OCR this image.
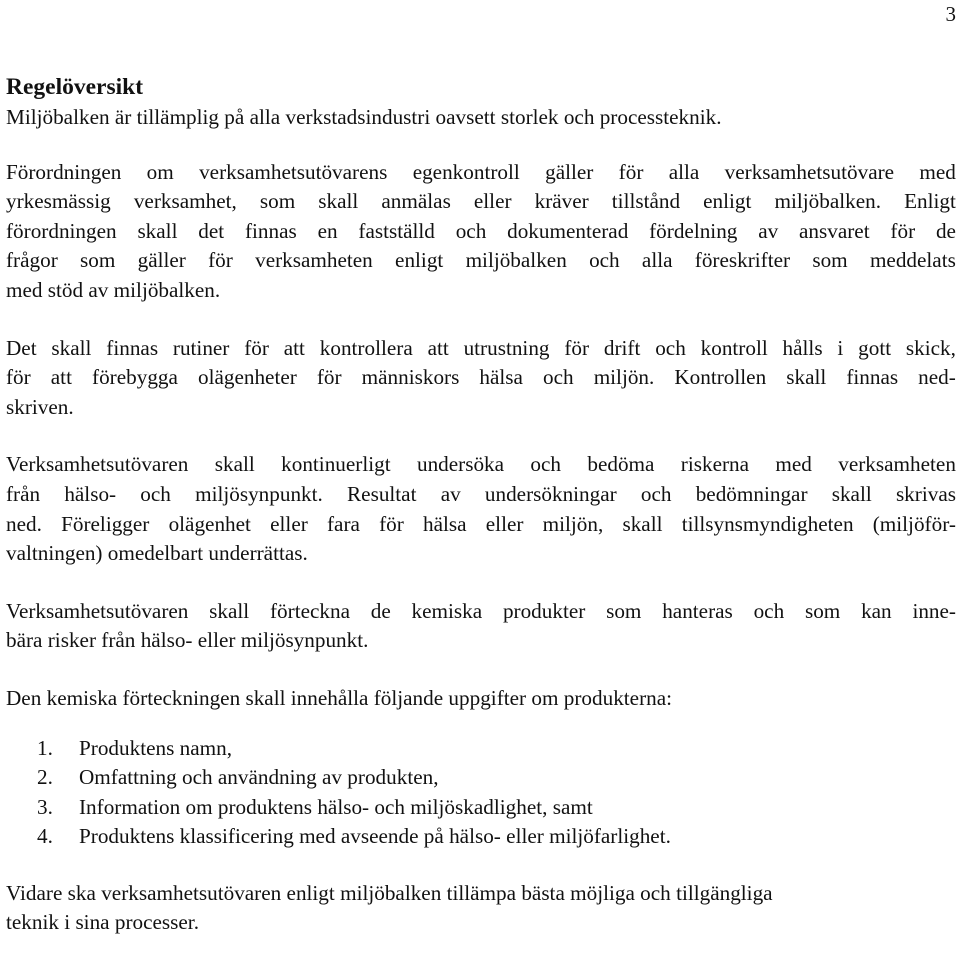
3
Regelöversikt
Miljöbalken är tillämplig på alla verkstadsindustri oavsett storlek och processteknik.
Förordningen om verksamhetsutövarens egenkontroll gäller för alla verksamhetsutövare med
yrkesmässig verksamhet, som skall anmälas eller kräver tillstånd enligt miljöbalken. Enligt
förordningen skall det finnas en fastställd och dokumenterad fördelning av ansvaret för de
frågor som gäller för verksamheten enligt miljöbalken och alla föreskrifter som meddelats
med stöd av miljöbalken.
Det skall finnas rutiner för att kontrollera att utrustning för drift och kontroll hålls i gott skick,
för att förebygga olägenheter för människors hälsa och miljön. Kontrollen skall finnas ned-
skriven.
Verksamhetsutövaren skall kontinuerligt undersöka och bedöma riskerna med verksamheten
från hälso- och miljösynpunkt. Resultat av undersökningar och bedömningar skall skrivas
ned. Föreligger olägenhet eller fara för hälsa eller miljön, skall tillsynsmyndigheten (miljöför-
valtningen) omedelbart underrättas.
Verksamhetsutövaren skall förteckna de kemiska produkter som hanteras och som kan inne-
bära risker från hälso- eller miljösynpunkt.
Den kemiska förteckningen skall innehålla följande uppgifter om produkterna:
1.	Produktens namn,
2.	Omfattning och användning av produkten,
3.	Information om produktens hälso- och miljöskadlighet, samt
4.	Produktens klassificering med avseende på hälso- eller miljöfarlighet.
Vidare ska verksamhetsutövaren enligt miljöbalken tillämpa bästa möjliga och tillgängliga
teknik i sina processer.
